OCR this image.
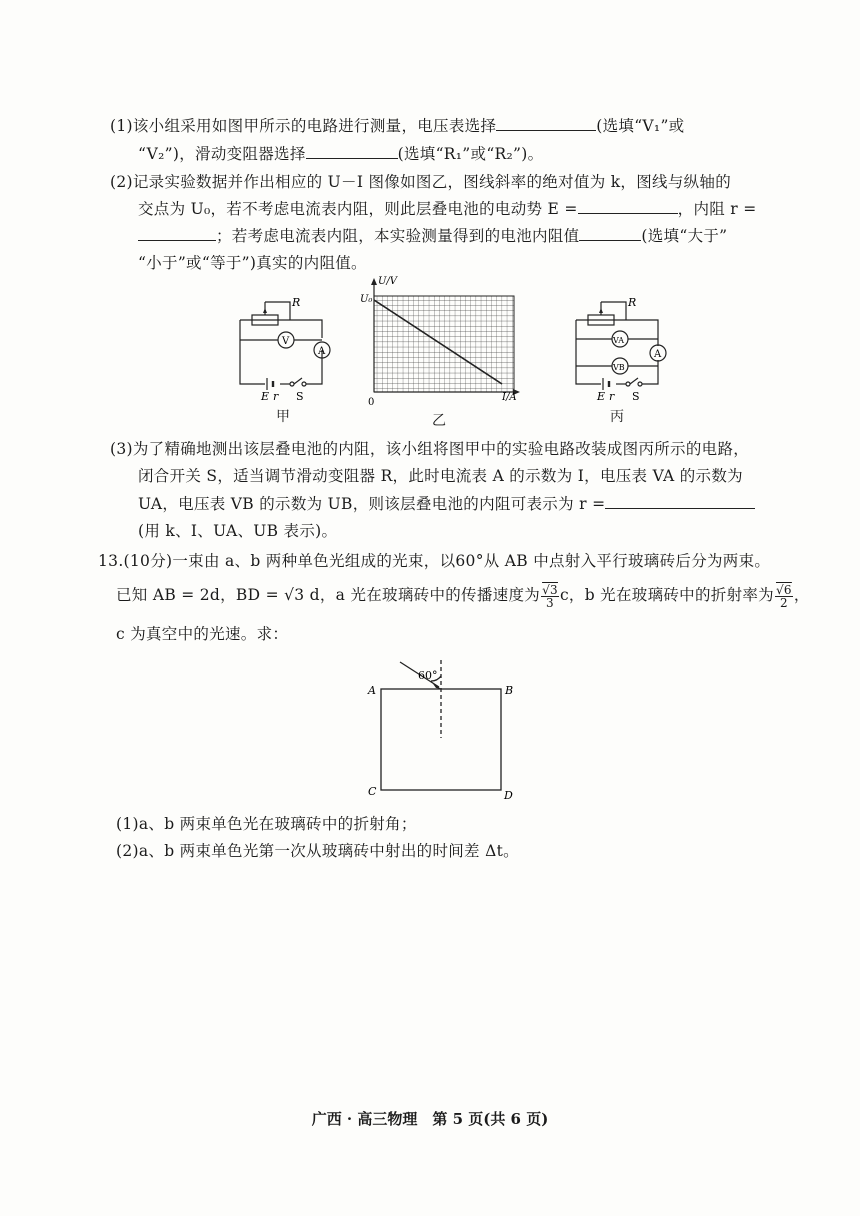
(1)该小组采用如图甲所示的电路进行测量，电压表选择	(选填“V₁”或
“V₂”)，滑动变阻器选择	(选填“R₁”或“R₂”)。
(2)记录实验数据并作出相应的 U－I 图像如图乙，图线斜率的绝对值为 k，图线与纵轴的
交点为 U₀，若不考虑电流表内阻，则此层叠电池的电动势 E =	，内阻 r =
；若考虑电流表内阻，本实验测量得到的电池内阻值	(选填“大于”
“小于”或“等于”)真实的内阻值。
R
V
A
E r S
甲
U/V
I/A
0
U₀
乙
R
VA
VB
A
E r S
丙
(3)为了精确地测出该层叠电池的内阻，该小组将图甲中的实验电路改装成图丙所示的电路，
闭合开关 S，适当调节滑动变阻器 R，此时电流表 A 的示数为 I，电压表 VA 的示数为
UA，电压表 VB 的示数为 UB，则该层叠电池的内阻可表示为 r =
(用 k、I、UA、UB 表示)。
13.(10分)一束由 a、b 两种单色光组成的光束，以60°从 AB 中点射入平行玻璃砖后分为两束。
已知 AB = 2d，BD = √3 d，a 光在玻璃砖中的传播速度为 $\frac{√3}{3}$ c，b 光在玻璃砖中的折射率为 $\frac{√6}{2}$ ，
c 为真空中的光速。求：
60°
A	B
C	D
(1)a、b 两束单色光在玻璃砖中的折射角；
(2)a、b 两束单色光第一次从玻璃砖中射出的时间差 Δt。
广西 · 高三物理　第 5 页(共 6 页)
